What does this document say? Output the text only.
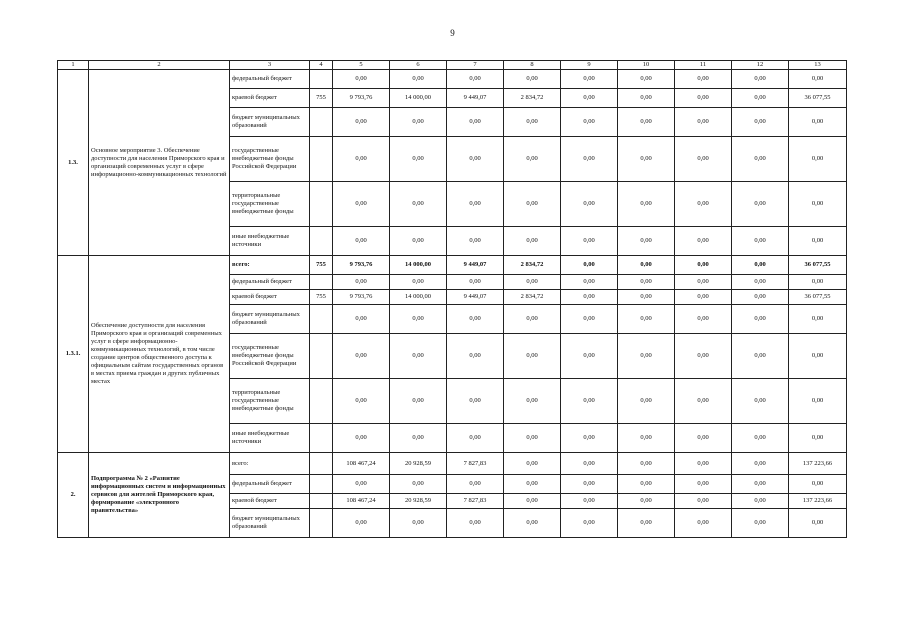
9
1	2	3	4	5	6	7	8	9	10	11	12	13
1.3.	Основное мероприятие 3. Обеспечение доступности для населения Приморского края и организаций современных услуг в сфере информационно-коммуникационных технологий	федеральный бюджет		0,00	0,00	0,00	0,00	0,00	0,00	0,00	0,00	0,00
		краевой бюджет	755	9 793,76	14 000,00	9 449,07	2 834,72	0,00	0,00	0,00	0,00	36 077,55
		бюджет муниципальных образований		0,00	0,00	0,00	0,00	0,00	0,00	0,00	0,00	0,00
		государственные внебюджетные фонды Российской Федерации		0,00	0,00	0,00	0,00	0,00	0,00	0,00	0,00	0,00
		территориальные государственные внебюджетные фонды		0,00	0,00	0,00	0,00	0,00	0,00	0,00	0,00	0,00
		иные внебюджетные источники		0,00	0,00	0,00	0,00	0,00	0,00	0,00	0,00	0,00
1.3.1.	Обеспечение доступности для населения Приморского края и организаций современных услуг в сфере информационно-коммуникационных технологий, в том числе создание центров общественного доступа к официальным сайтам государственных органов в местах приема граждан и других публичных местах	всего:	755	9 793,76	14 000,00	9 449,07	2 834,72	0,00	0,00	0,00	0,00	36 077,55
		федеральный бюджет		0,00	0,00	0,00	0,00	0,00	0,00	0,00	0,00	0,00
		краевой бюджет	755	9 793,76	14 000,00	9 449,07	2 834,72	0,00	0,00	0,00	0,00	36 077,55
		бюджет муниципальных образований		0,00	0,00	0,00	0,00	0,00	0,00	0,00	0,00	0,00
		государственные внебюджетные фонды Российской Федерации		0,00	0,00	0,00	0,00	0,00	0,00	0,00	0,00	0,00
		территориальные государственные внебюджетные фонды		0,00	0,00	0,00	0,00	0,00	0,00	0,00	0,00	0,00
		иные внебюджетные источники		0,00	0,00	0,00	0,00	0,00	0,00	0,00	0,00	0,00
2.	Подпрограмма № 2 «Развитие информационных систем и информационных сервисов для жителей Приморского края, формирование «электронного правительства»	всего:		108 467,24	20 928,59	7 827,83	0,00	0,00	0,00	0,00	0,00	137 223,66
		федеральный бюджет		0,00	0,00	0,00	0,00	0,00	0,00	0,00	0,00	0,00
		краевой бюджет		108 467,24	20 928,59	7 827,83	0,00	0,00	0,00	0,00	0,00	137 223,66
		бюджет муниципальных образований		0,00	0,00	0,00	0,00	0,00	0,00	0,00	0,00	0,00
